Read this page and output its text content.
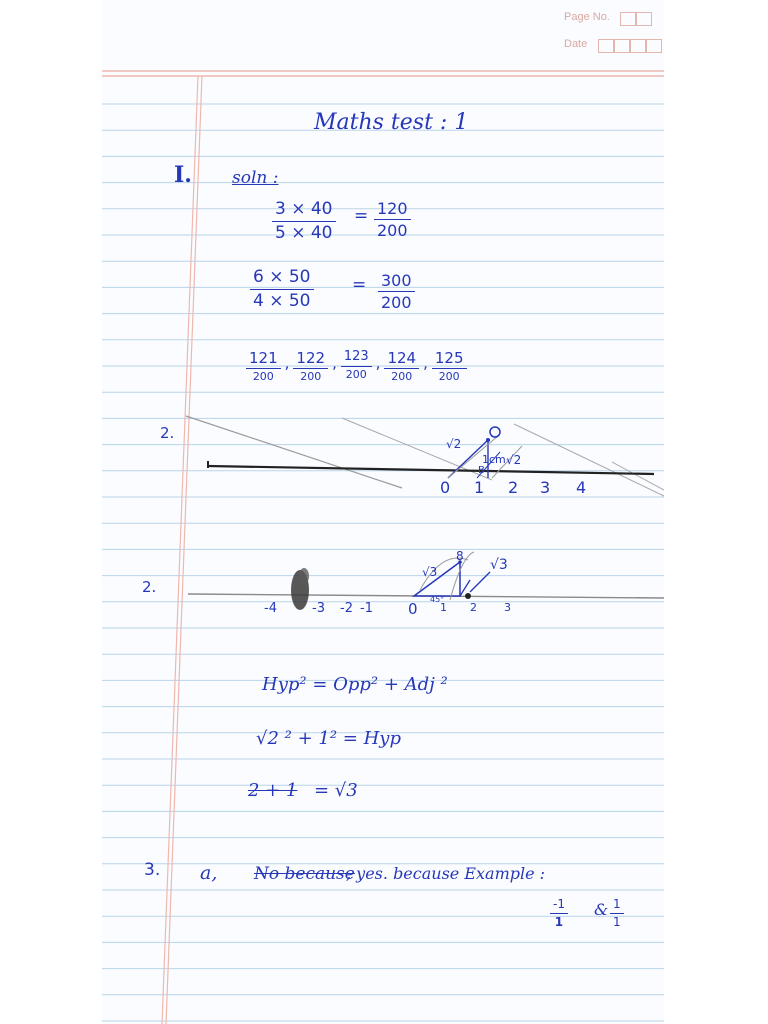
Page No.
Date
Maths test : 1
I. soln :
$\frac{3 \times 40}{5 \times 40} = \frac{120}{200}$
$\frac{6 \times 50}{4 \times 50} = \frac{300}{200}$
$\frac{121}{200}$ , $\frac{122}{200}$ , $\frac{123}{200}$ , $\frac{124}{200}$ , $\frac{125}{200}$
2.
0 1 2 3 4
√2
1cm √2
B
2.
-4	-3 -2 -1 0 1 2 3
√3	√3
8
45°
Hyp² = Opp² + Adj ²
√2 ² + 1² = Hyp
2 + 1 = √3
3. a, No because
, yes. because Example :
$\frac{-1}{1}$ & $\frac{1}{1}$
